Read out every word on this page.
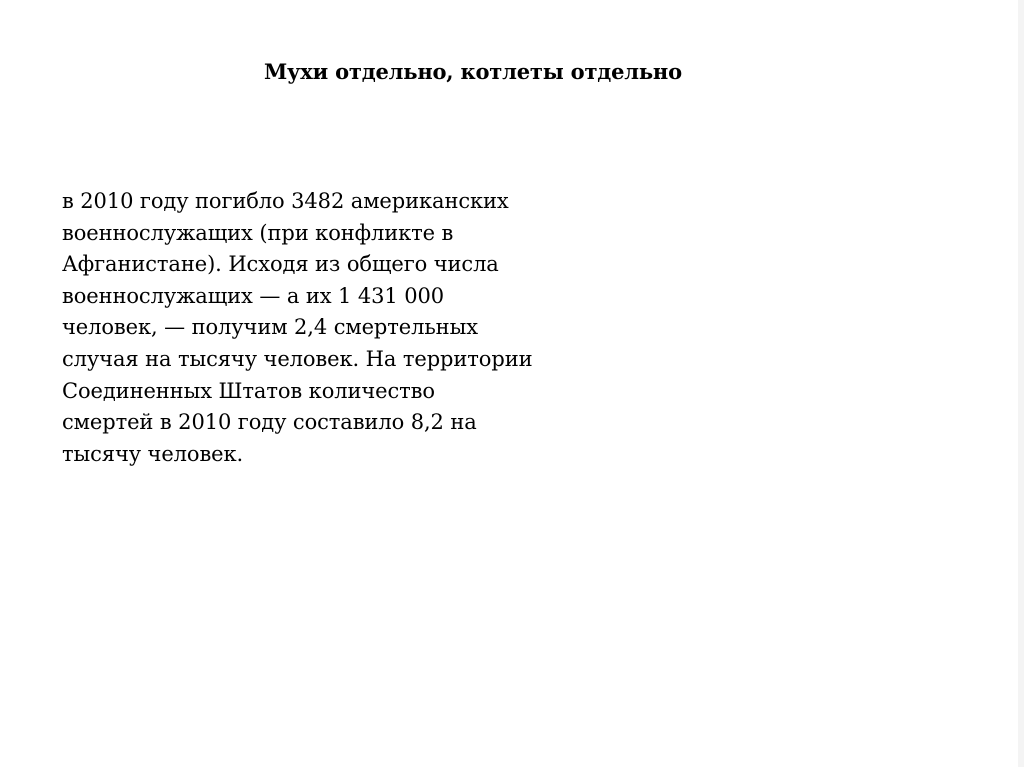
Мухи отдельно, котлеты отдельно
в 2010 году погибло 3482 американских
военнослужащих (при конфликте в
Афганистане). Исходя из общего числа
военнослужащих — а их 1 431 000
человек, — получим 2,4 смертельных
случая на тысячу человек. На территории
Соединенных Штатов количество
смертей в 2010 году составило 8,2 на
тысячу человек.
